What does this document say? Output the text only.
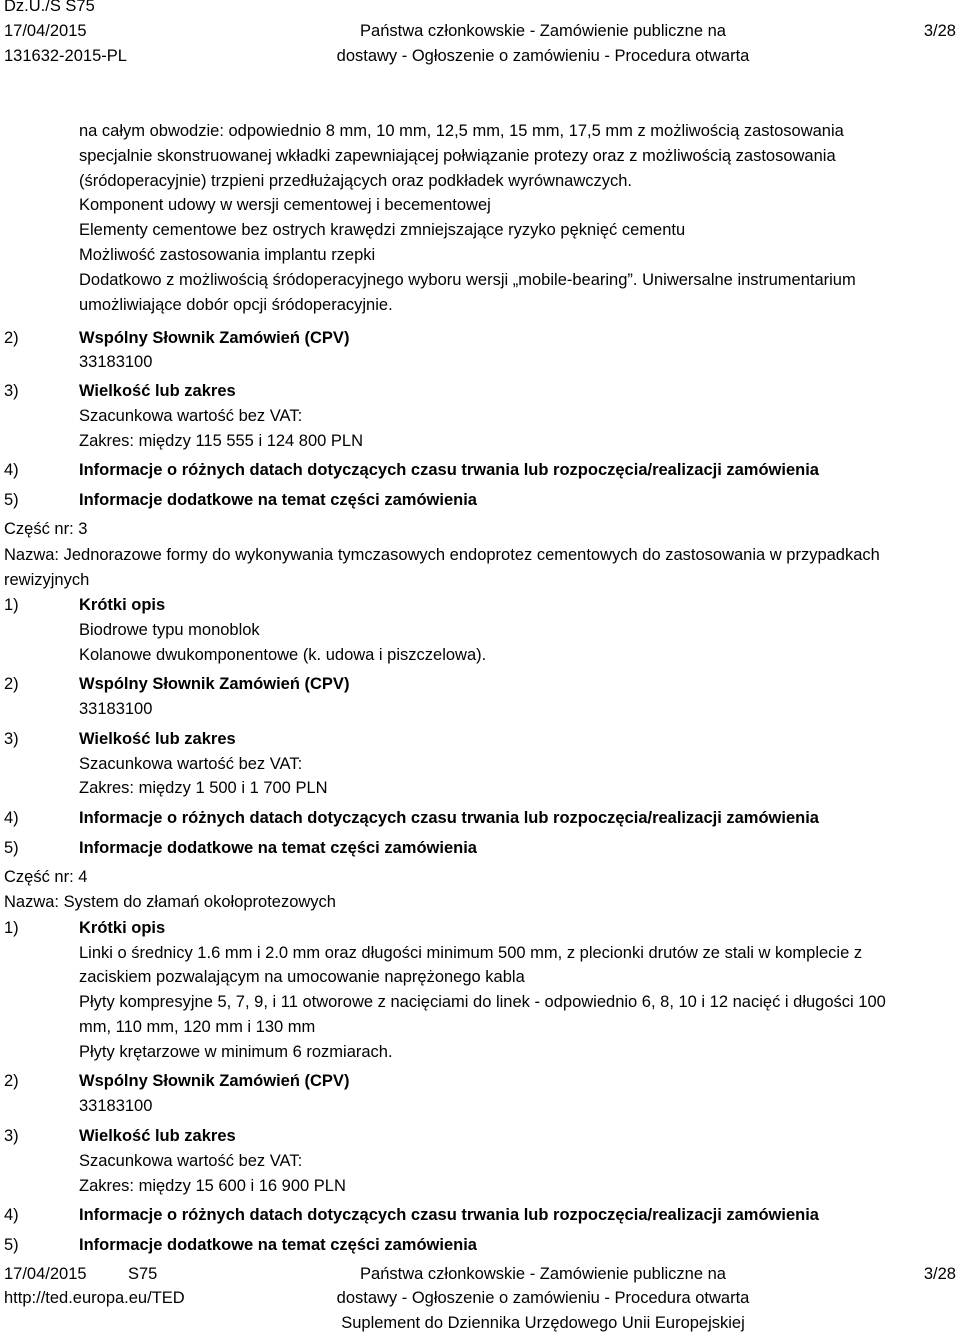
Dz.U./S S75
17/04/2015
131632-2015-PL
Państwa członkowskie - Zamówienie publiczne na
dostawy - Ogłoszenie o zamówieniu - Procedura otwarta
3/28
na całym obwodzie: odpowiednio 8 mm, 10 mm, 12,5 mm, 15 mm, 17,5 mm z możliwością zastosowania
specjalnie skonstruowanej wkładki zapewniającej połwiązanie protezy oraz z możliwością zastosowania
(śródoperacyjnie) trzpieni przedłużających oraz podkładek wyrównawczych.
Komponent udowy w wersji cementowej i becementowej
Elementy cementowe bez ostrych krawędzi zmniejszające ryzyko pęknięć cementu
Możliwość zastosowania implantu rzepki
Dodatkowo z możliwością śródoperacyjnego wyboru wersji „mobile-bearing”. Uniwersalne instrumentarium
umożliwiające dobór opcji śródoperacyjnie.
2)	Wspólny Słownik Zamówień (CPV)
33183100
3)	Wielkość lub zakres
Szacunkowa wartość bez VAT:
Zakres: między 115 555 i 124 800 PLN
4)	Informacje o różnych datach dotyczących czasu trwania lub rozpoczęcia/realizacji zamówienia
5)	Informacje dodatkowe na temat części zamówienia
Część nr: 3
Nazwa: Jednorazowe formy do wykonywania tymczasowych endoprotez cementowych do zastosowania w przypadkach
rewizyjnych
1)	Krótki opis
Biodrowe typu monoblok
Kolanowe dwukomponentowe (k. udowa i piszczelowa).
2)	Wspólny Słownik Zamówień (CPV)
33183100
3)	Wielkość lub zakres
Szacunkowa wartość bez VAT:
Zakres: między 1 500 i 1 700 PLN
4)	Informacje o różnych datach dotyczących czasu trwania lub rozpoczęcia/realizacji zamówienia
5)	Informacje dodatkowe na temat części zamówienia
Część nr: 4
Nazwa: System do złamań okołoprotezowych
1)	Krótki opis
Linki o średnicy 1.6 mm i 2.0 mm oraz długości minimum 500 mm, z plecionki drutów ze stali w komplecie z
zaciskiem pozwalającym na umocowanie naprężonego kabla
Płyty kompresyjne 5, 7, 9, i 11 otworowe z nacięciami do linek - odpowiednio 6, 8, 10 i 12 nacięć i długości 100
mm, 110 mm, 120 mm i 130 mm
Płyty krętarzowe w minimum 6 rozmiarach.
2)	Wspólny Słownik Zamówień (CPV)
33183100
3)	Wielkość lub zakres
Szacunkowa wartość bez VAT:
Zakres: między 15 600 i 16 900 PLN
4)	Informacje o różnych datach dotyczących czasu trwania lub rozpoczęcia/realizacji zamówienia
5)	Informacje dodatkowe na temat części zamówienia
17/04/2015	S75
http://ted.europa.eu/TED
Państwa członkowskie - Zamówienie publiczne na
dostawy - Ogłoszenie o zamówieniu - Procedura otwarta
Suplement do Dziennika Urzędowego Unii Europejskiej
3/28
